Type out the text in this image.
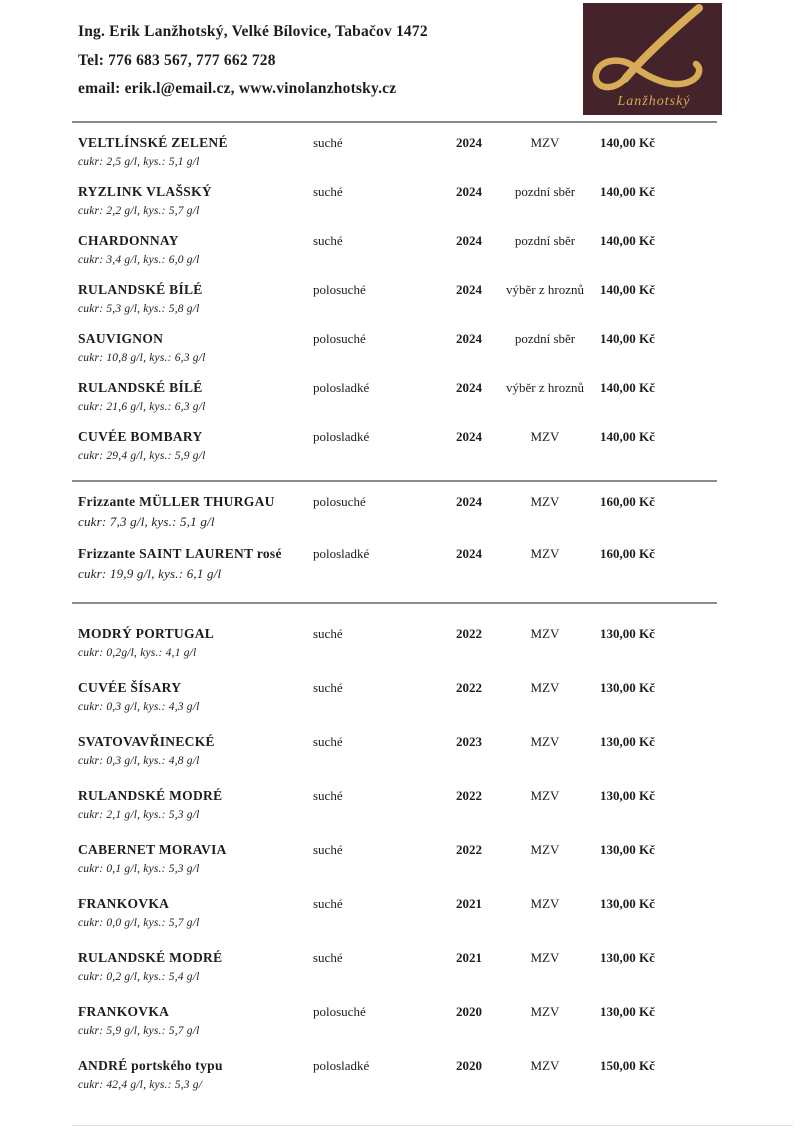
Ing. Erik Lanžhotský, Velké Bílovice, Tabačov 1472
Tel: 776 683 567, 777 662 728
email: erik.l@email.cz, www.vinolanzhotsky.cz
Lanžhotský
VELTLÍNSKÉ ZELENÉ
cukr: 2,5 g/l, kys.: 5,1 g/l
suché	2024	MZV	140,00 Kč
RYZLINK VLAŠSKÝ
cukr: 2,2 g/l, kys.: 5,7 g/l
suché	2024	pozdní sběr	140,00 Kč
CHARDONNAY
cukr: 3,4 g/l, kys.: 6,0 g/l
suché	2024	pozdní sběr	140,00 Kč
RULANDSKÉ BÍLÉ
cukr: 5,3 g/l, kys.: 5,8 g/l
polosuché	2024	výběr z hroznů	140,00 Kč
SAUVIGNON
cukr: 10,8 g/l, kys.: 6,3 g/l
polosuché	2024	pozdní sběr	140,00 Kč
RULANDSKÉ BÍLÉ
cukr: 21,6 g/l, kys.: 6,3 g/l
polosladké	2024	výběr z hroznů	140,00 Kč
CUVÉE BOMBARY
cukr: 29,4 g/l, kys.: 5,9 g/l
polosladké	2024	MZV	140,00 Kč
Frizzante MÜLLER THURGAU
cukr: 7,3 g/l, kys.: 5,1 g/l
polosuché	2024	MZV	160,00 Kč
Frizzante SAINT LAURENT rosé
cukr: 19,9 g/l, kys.: 6,1 g/l
polosladké	2024	MZV	160,00 Kč
MODRÝ PORTUGAL
cukr: 0,2g/l, kys.: 4,1 g/l
suché	2022	MZV	130,00 Kč
CUVÉE ŠÍSARY
cukr: 0,3 g/l, kys.: 4,3 g/l
suché	2022	MZV	130,00 Kč
SVATOVAVŘINECKÉ
cukr: 0,3 g/l, kys.: 4,8 g/l
suché	2023	MZV	130,00 Kč
RULANDSKÉ MODRÉ
cukr: 2,1 g/l, kys.: 5,3 g/l
suché	2022	MZV	130,00 Kč
CABERNET MORAVIA
cukr: 0,1 g/l, kys.: 5,3 g/l
suché	2022	MZV	130,00 Kč
FRANKOVKA
cukr: 0,0 g/l, kys.: 5,7 g/l
suché	2021	MZV	130,00 Kč
RULANDSKÉ MODRÉ
cukr: 0,2 g/l, kys.: 5,4 g/l
suché	2021	MZV	130,00 Kč
FRANKOVKA
cukr: 5,9 g/l, kys.: 5,7 g/l
polosuché	2020	MZV	130,00 Kč
ANDRÉ portského typu
cukr: 42,4 g/l, kys.: 5,3 g/
polosladké	2020	MZV	150,00 Kč
